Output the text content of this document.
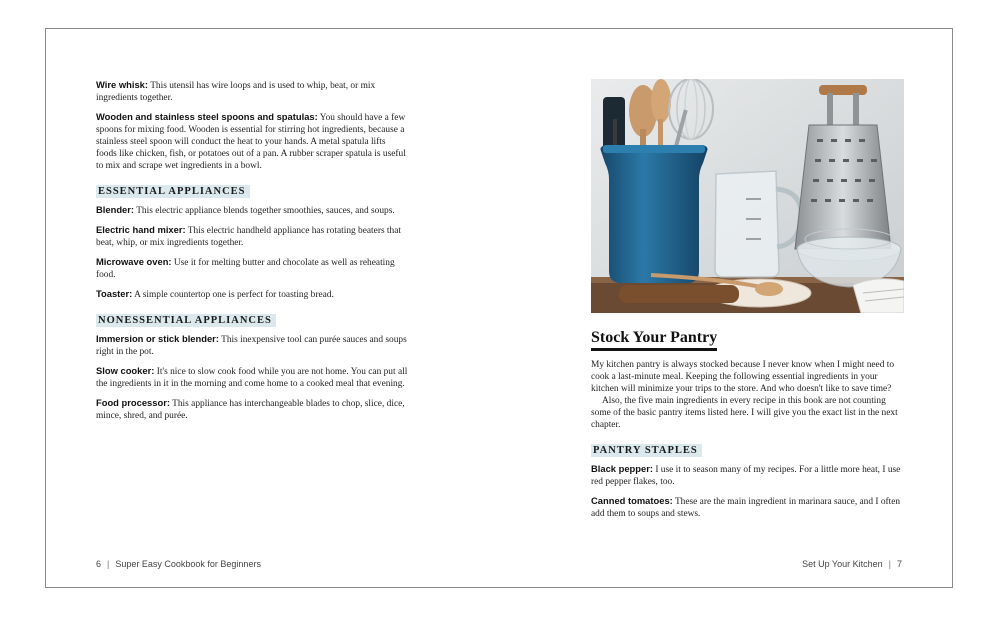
Wire whisk: This utensil has wire loops and is used to whip, beat, or mix ingredients together.

Wooden and stainless steel spoons and spatulas: You should have a few spoons for mixing food. Wooden is essential for stirring hot ingredients, because a stainless steel spoon will conduct the heat to your hands. A metal spatula lifts foods like chicken, fish, or potatoes out of a pan. A rubber scraper spatula is useful to mix and scrape wet ingredients in a bowl.

ESSENTIAL APPLIANCES

Blender: This electric appliance blends together smoothies, sauces, and soups.

Electric hand mixer: This electric handheld appliance has rotating beaters that beat, whip, or mix ingredients together.

Microwave oven: Use it for melting butter and chocolate as well as reheating food.

Toaster: A simple countertop one is perfect for toasting bread.

NONESSENTIAL APPLIANCES

Immersion or stick blender: This inexpensive tool can purée sauces and soups right in the pot.

Slow cooker: It's nice to slow cook food while you are not home. You can put all the ingredients in it in the morning and come home to a cooked meal that evening.

Food processor: This appliance has interchangeable blades to chop, slice, dice, mince, shred, and purée.

6 | Super Easy Cookbook for Beginners
Stock Your Pantry

My kitchen pantry is always stocked because I never know when I might need to cook a last-minute meal. Keeping the following essential ingredients in your kitchen will minimize your trips to the store. And who doesn't like to save time?

Also, the five main ingredients in every recipe in this book are not counting some of the basic pantry items listed here. I will give you the exact list in the next chapter.

PANTRY STAPLES

Black pepper: I use it to season many of my recipes. For a little more heat, I use red pepper flakes, too.

Canned tomatoes: These are the main ingredient in marinara sauce, and I often add them to soups and stews.

Set Up Your Kitchen | 7
